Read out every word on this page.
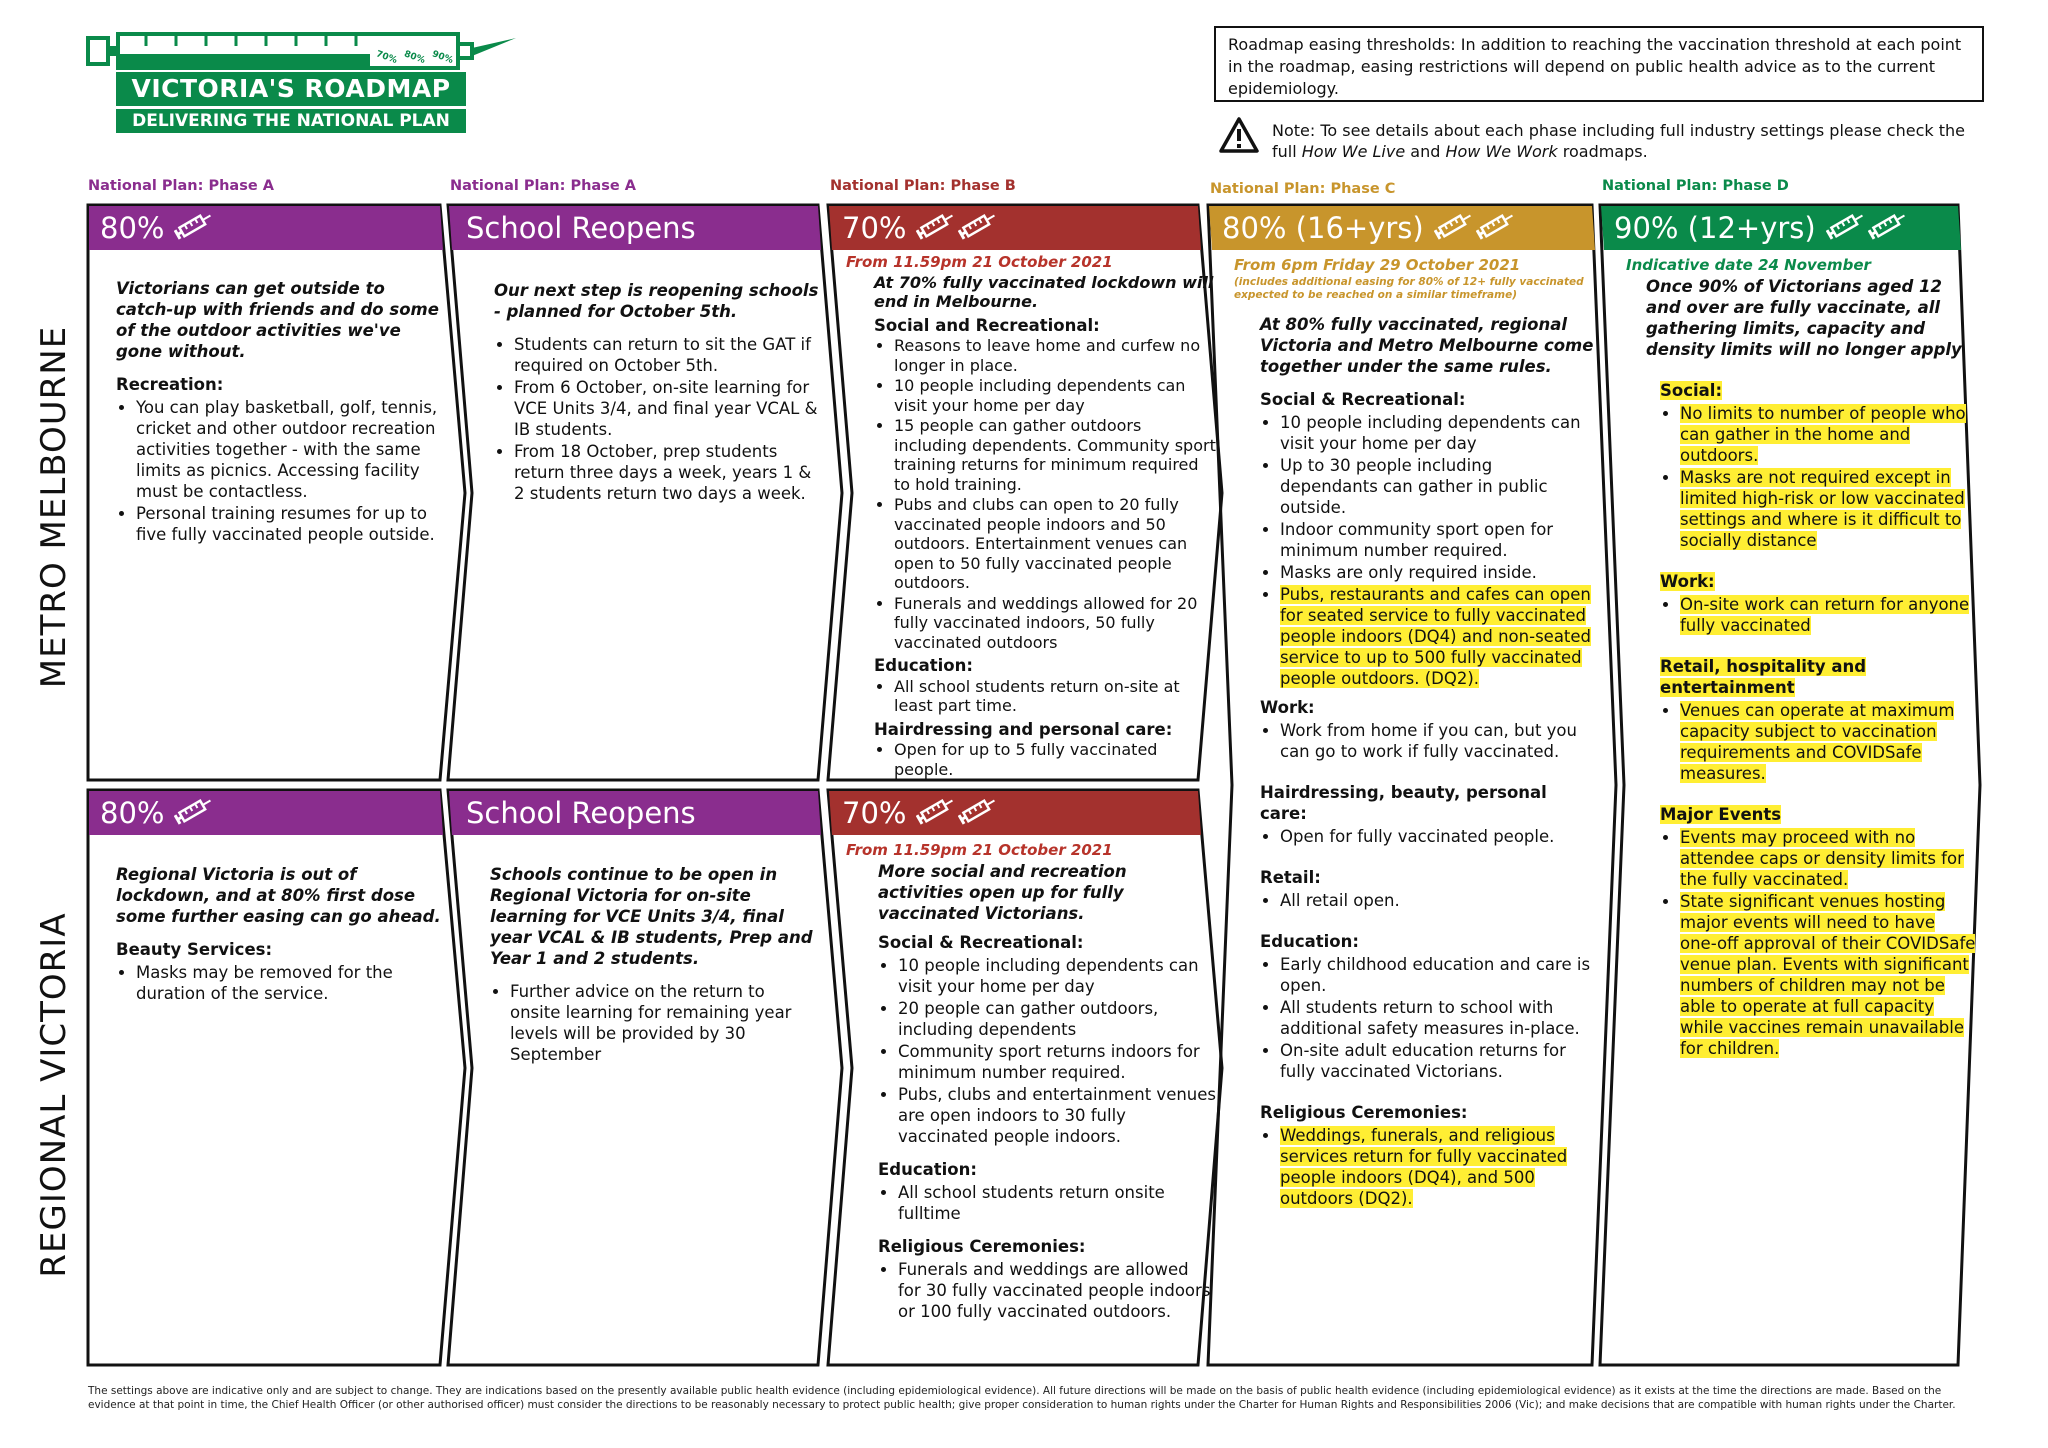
70% 80% 90%
VICTORIA'S ROADMAP
DELIVERING THE NATIONAL PLAN
Roadmap easing thresholds: In addition to reaching the vaccination threshold at each point in the roadmap, easing restrictions will depend on public health advice as to the current epidemiology.
Note: To see details about each phase including full industry settings please check the full How We Live and How We Work roadmaps.
National Plan: Phase A	National Plan: Phase A	National Plan: Phase B	National Plan: Phase C	National Plan: Phase D
METRO MELBOURNE
REGIONAL VICTORIA
80%	School Reopens	70%
80%	School Reopens	70%
80% (16+yrs)	90% (12+yrs)
Victorians can get outside to catch-up with friends and do some of the outdoor activities we've gone without.
Recreation:
• You can play basketball, golf, tennis, cricket and other outdoor recreation activities together - with the same limits as picnics. Accessing facility must be contactless.
• Personal training resumes for up to five fully vaccinated people outside.
Our next step is reopening schools - planned for October 5th.
• Students can return to sit the GAT if required on October 5th.
• From 6 October, on-site learning for VCE Units 3/4, and final year VCAL & IB students.
• From 18 October, prep students return three days a week, years 1 & 2 students return two days a week.
From 11.59pm 21 October 2021
At 70% fully vaccinated lockdown will end in Melbourne.
Social and Recreational:
• Reasons to leave home and curfew no longer in place.
• 10 people including dependents can visit your home per day
• 15 people can gather outdoors including dependents. Community sport training returns for minimum required to hold training.
• Pubs and clubs can open to 20 fully vaccinated people indoors and 50 outdoors. Entertainment venues can open to 50 fully vaccinated people outdoors.
• Funerals and weddings allowed for 20 fully vaccinated indoors, 50 fully vaccinated outdoors
Education:
• All school students return on-site at least part time.
Hairdressing and personal care:
• Open for up to 5 fully vaccinated people.
Regional Victoria is out of lockdown, and at 80% first dose some further easing can go ahead.
Beauty Services:
• Masks may be removed for the duration of the service.
Schools continue to be open in Regional Victoria for on-site learning for VCE Units 3/4, final year VCAL & IB students, Prep and Year 1 and 2 students.
• Further advice on the return to onsite learning for remaining year levels will be provided by 30 September
From 11.59pm 21 October 2021
More social and recreation activities open up for fully vaccinated Victorians.
Social & Recreational:
• 10 people including dependents can visit your home per day
• 20 people can gather outdoors, including dependents
• Community sport returns indoors for minimum number required.
• Pubs, clubs and entertainment venues are open indoors to 30 fully vaccinated people indoors.
Education:
• All school students return onsite fulltime
Religious Ceremonies:
• Funerals and weddings are allowed for 30 fully vaccinated people indoors or 100 fully vaccinated outdoors.
From 6pm Friday 29 October 2021
(includes additional easing for 80% of 12+ fully vaccinated expected to be reached on a similar timeframe)
At 80% fully vaccinated, regional Victoria and Metro Melbourne come together under the same rules.
Social & Recreational:
• 10 people including dependents can visit your home per day
• Up to 30 people including dependants can gather in public outside.
• Indoor community sport open for minimum number required.
• Masks are only required inside.
• Pubs, restaurants and cafes can open for seated service to fully vaccinated people indoors (DQ4) and non-seated service to up to 500 fully vaccinated people outdoors. (DQ2).
Work:
• Work from home if you can, but you can go to work if fully vaccinated.
Hairdressing, beauty, personal care:
• Open for fully vaccinated people.
Retail:
• All retail open.
Education:
• Early childhood education and care is open.
• All students return to school with additional safety measures in-place.
• On-site adult education returns for fully vaccinated Victorians.
Religious Ceremonies:
• Weddings, funerals, and religious services return for fully vaccinated people indoors (DQ4), and 500 outdoors (DQ2).
Indicative date 24 November
Once 90% of Victorians aged 12 and over are fully vaccinate, all gathering limits, capacity and density limits will no longer apply
Social:
• No limits to number of people who can gather in the home and outdoors.
• Masks are not required except in limited high-risk or low vaccinated settings and where is it difficult to socially distance
Work:
• On-site work can return for anyone fully vaccinated
Retail, hospitality and entertainment
• Venues can operate at maximum capacity subject to vaccination requirements and COVIDSafe measures.
Major Events
• Events may proceed with no attendee caps or density limits for the fully vaccinated.
• State significant venues hosting major events will need to have one-off approval of their COVIDSafe venue plan. Events with significant numbers of children may not be able to operate at full capacity while vaccines remain unavailable for children.
The settings above are indicative only and are subject to change. They are indications based on the presently available public health evidence (including epidemiological evidence). All future directions will be made on the basis of public health evidence (including epidemiological evidence) as it exists at the time the directions are made. Based on the evidence at that point in time, the Chief Health Officer (or other authorised officer) must consider the directions to be reasonably necessary to protect public health; give proper consideration to human rights under the Charter for Human Rights and Responsibilities 2006 (Vic); and make decisions that are compatible with human rights under the Charter.
